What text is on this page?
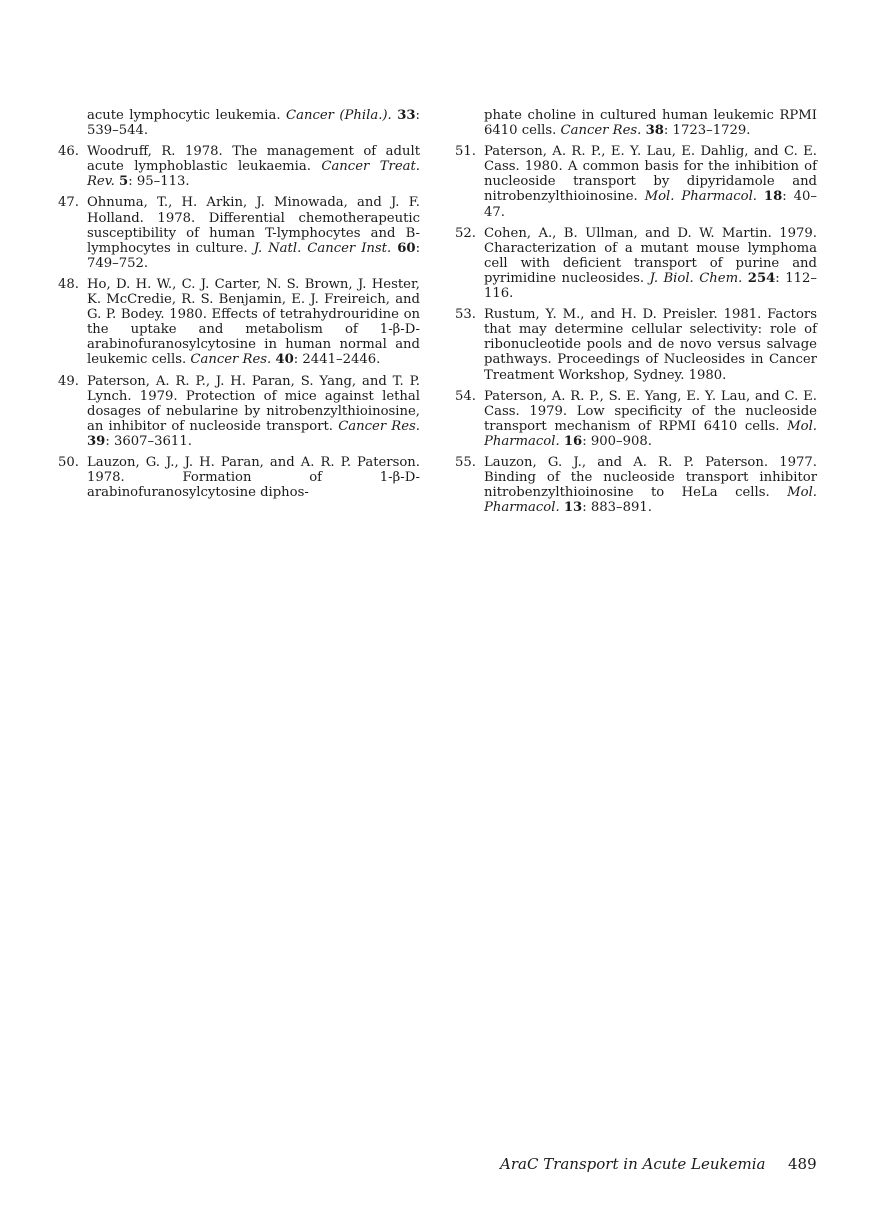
acute lymphocytic leukemia. Cancer (Phila.). 33: 539–544.
46. Woodruff, R. 1978. The management of adult acute lymphoblastic leukaemia. Cancer Treat. Rev. 5: 95–113.
47. Ohnuma, T., H. Arkin, J. Minowada, and J. F. Holland. 1978. Differential chemotherapeutic susceptibility of human T-lymphocytes and B-lymphocytes in culture. J. Natl. Cancer Inst. 60: 749–752.
48. Ho, D. H. W., C. J. Carter, N. S. Brown, J. Hester, K. McCredie, R. S. Benjamin, E. J. Freireich, and G. P. Bodey. 1980. Effects of tetrahydrouridine on the uptake and metabolism of 1-β-D-arabinofuranosylcytosine in human normal and leukemic cells. Cancer Res. 40: 2441–2446.
49. Paterson, A. R. P., J. H. Paran, S. Yang, and T. P. Lynch. 1979. Protection of mice against lethal dosages of nebularine by nitrobenzylthioinosine, an inhibitor of nucleoside transport. Cancer Res. 39: 3607–3611.
50. Lauzon, G. J., J. H. Paran, and A. R. P. Paterson. 1978. Formation of 1-β-D-arabinofuranosylcytosine diphos-
phate choline in cultured human leukemic RPMI 6410 cells. Cancer Res. 38: 1723–1729.
51. Paterson, A. R. P., E. Y. Lau, E. Dahlig, and C. E. Cass. 1980. A common basis for the inhibition of nucleoside transport by dipyridamole and nitrobenzylthioinosine. Mol. Pharmacol. 18: 40–47.
52. Cohen, A., B. Ullman, and D. W. Martin. 1979. Characterization of a mutant mouse lymphoma cell with deficient transport of purine and pyrimidine nucleosides. J. Biol. Chem. 254: 112–116.
53. Rustum, Y. M., and H. D. Preisler. 1981. Factors that may determine cellular selectivity: role of ribonucleotide pools and de novo versus salvage pathways. Proceedings of Nucleosides in Cancer Treatment Workshop, Sydney. 1980.
54. Paterson, A. R. P., S. E. Yang, E. Y. Lau, and C. E. Cass. 1979. Low specificity of the nucleoside transport mechanism of RPMI 6410 cells. Mol. Pharmacol. 16: 900–908.
55. Lauzon, G. J., and A. R. P. Paterson. 1977. Binding of the nucleoside transport inhibitor nitrobenzylthioinosine to HeLa cells. Mol. Pharmacol. 13: 883–891.
AraC Transport in Acute Leukemia 489
